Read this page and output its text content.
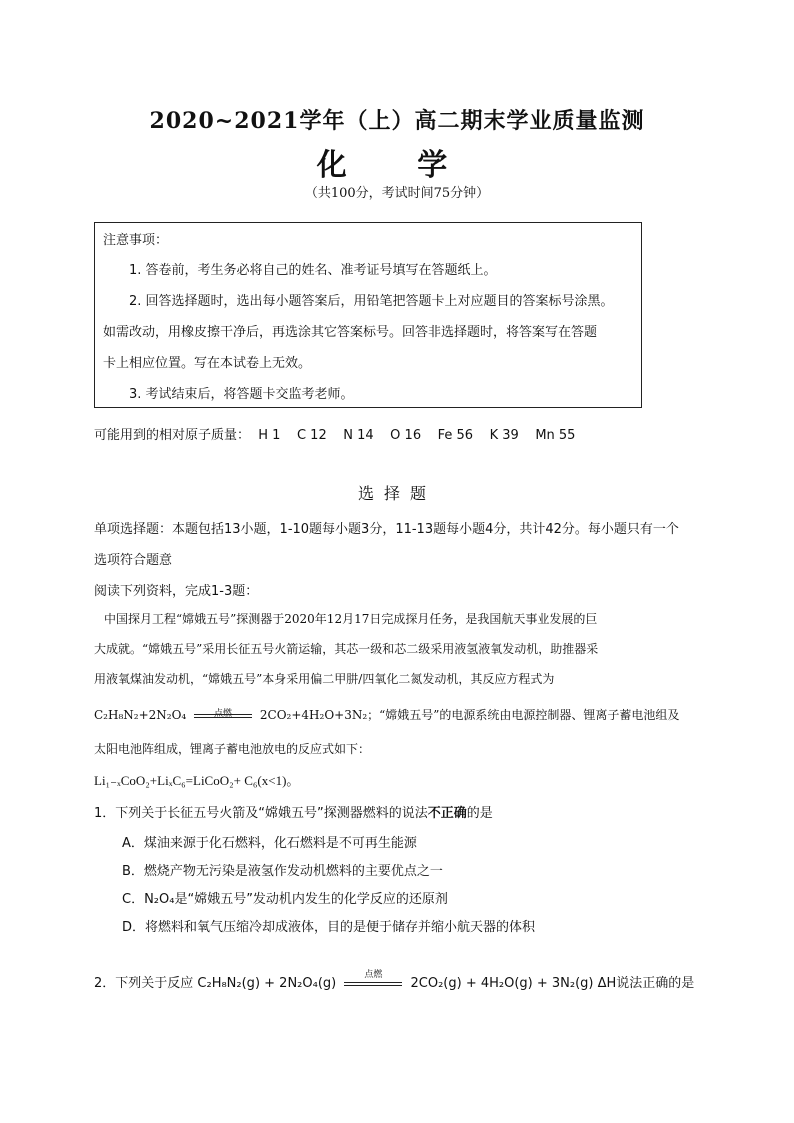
2020~2021学年（上）高二期末学业质量监测
化 学
（共100分，考试时间75分钟）
注意事项：
1. 答卷前，考生务必将自己的姓名、准考证号填写在答题纸上。
2. 回答选择题时，选出每小题答案后，用铅笔把答题卡上对应题目的答案标号涂黑。
如需改动，用橡皮擦干净后，再选涂其它答案标号。回答非选择题时，将答案写在答题
卡上相应位置。写在本试卷上无效。
3. 考试结束后，将答题卡交监考老师。
可能用到的相对原子质量：  H 1    C 12    N 14    O 16    Fe 56    K 39    Mn 55
选择题
单项选择题：本题包括13小题，1-10题每小题3分，11-13题每小题4分，共计42分。每小题只有一个
选项符合题意
阅读下列资料，完成1-3题：
中国探月工程“嫦娥五号”探测器于2020年12月17日完成探月任务，是我国航天事业发展的巨
大成就。“嫦娥五号”采用长征五号火箭运输，其芯一级和芯二级采用液氢液氧发动机，助推器采
用液氧煤油发动机，“嫦娥五号”本身采用偏二甲肼/四氧化二氮发动机，其反应方程式为
C₂H₈N₂+2N₂O₄	点燃	2CO₂+4H₂O+3N₂；“嫦娥五号”的电源系统由电源控制器、锂离子蓄电池组及
太阳电池阵组成，锂离子蓄电池放电的反应式如下：
Li₁₋ₓCoO₂+LiₓC₆=LiCoO₂+ C₆(x<1)。
1．下列关于长征五号火箭及“嫦娥五号”探测器燃料的说法不正确的是
A．煤油来源于化石燃料，化石燃料是不可再生能源
B．燃烧产物无污染是液氢作发动机燃料的主要优点之一
C．N₂O₄是“嫦娥五号”发动机内发生的化学反应的还原剂
D．将燃料和氧气压缩冷却成液体，目的是便于储存并缩小航天器的体积
2．下列关于反应 C₂H₈N₂(g) + 2N₂O₄(g)
点燃
2CO₂(g) + 4H₂O(g) + 3N₂(g) ΔH说法正确的是
